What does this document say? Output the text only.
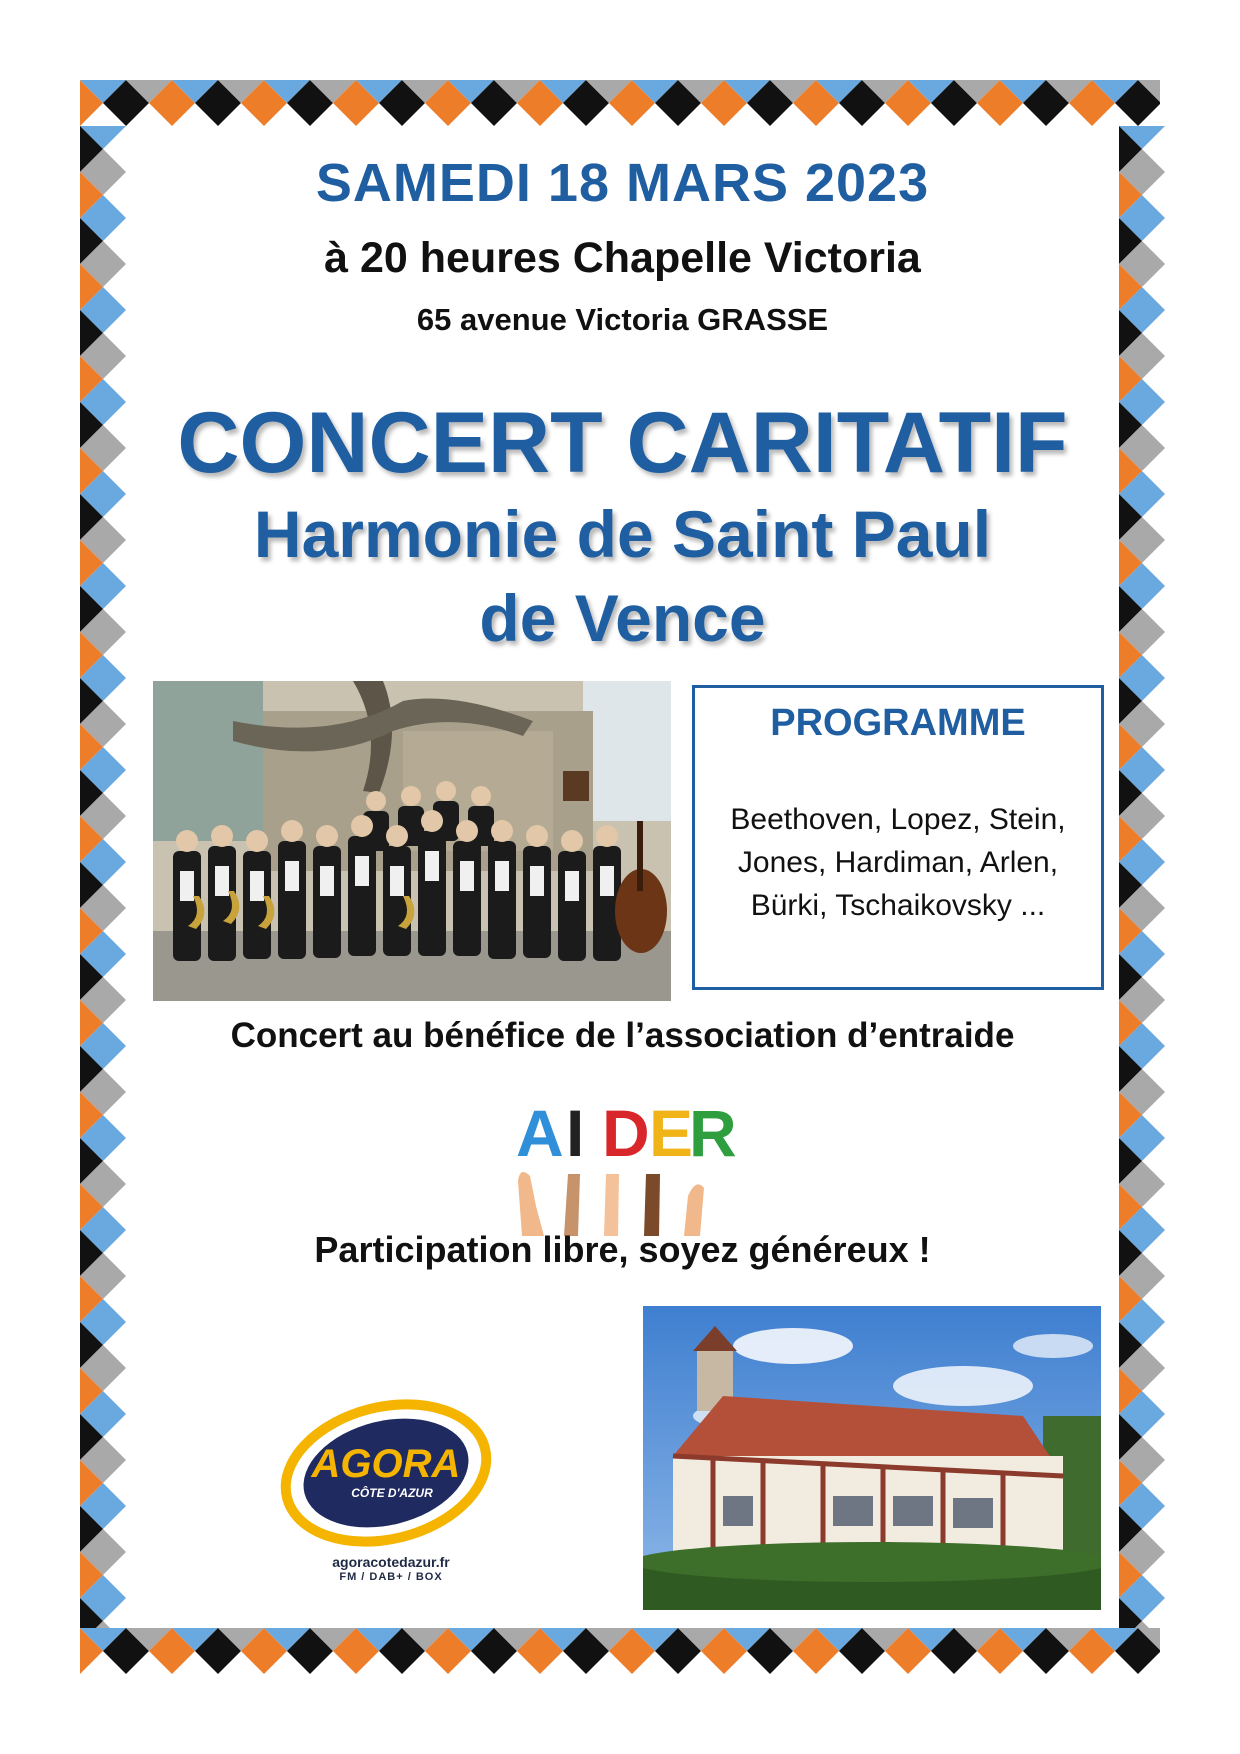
SAMEDI 18 MARS 2023
à 20 heures Chapelle Victoria
65 avenue Victoria GRASSE
CONCERT CARITATIF
Harmonie de Saint Paul
de Vence
PROGRAMME
Beethoven, Lopez, Stein,
Jones, Hardiman, Arlen,
Bürki, Tschaikovsky ...
Concert au bénéfice de l’association d’entraide
A I D E
R
Participation libre, soyez généreux !
AGORA
CÔTE D'AZUR
agoracotedazur.fr
FM / DAB+ / BOX
